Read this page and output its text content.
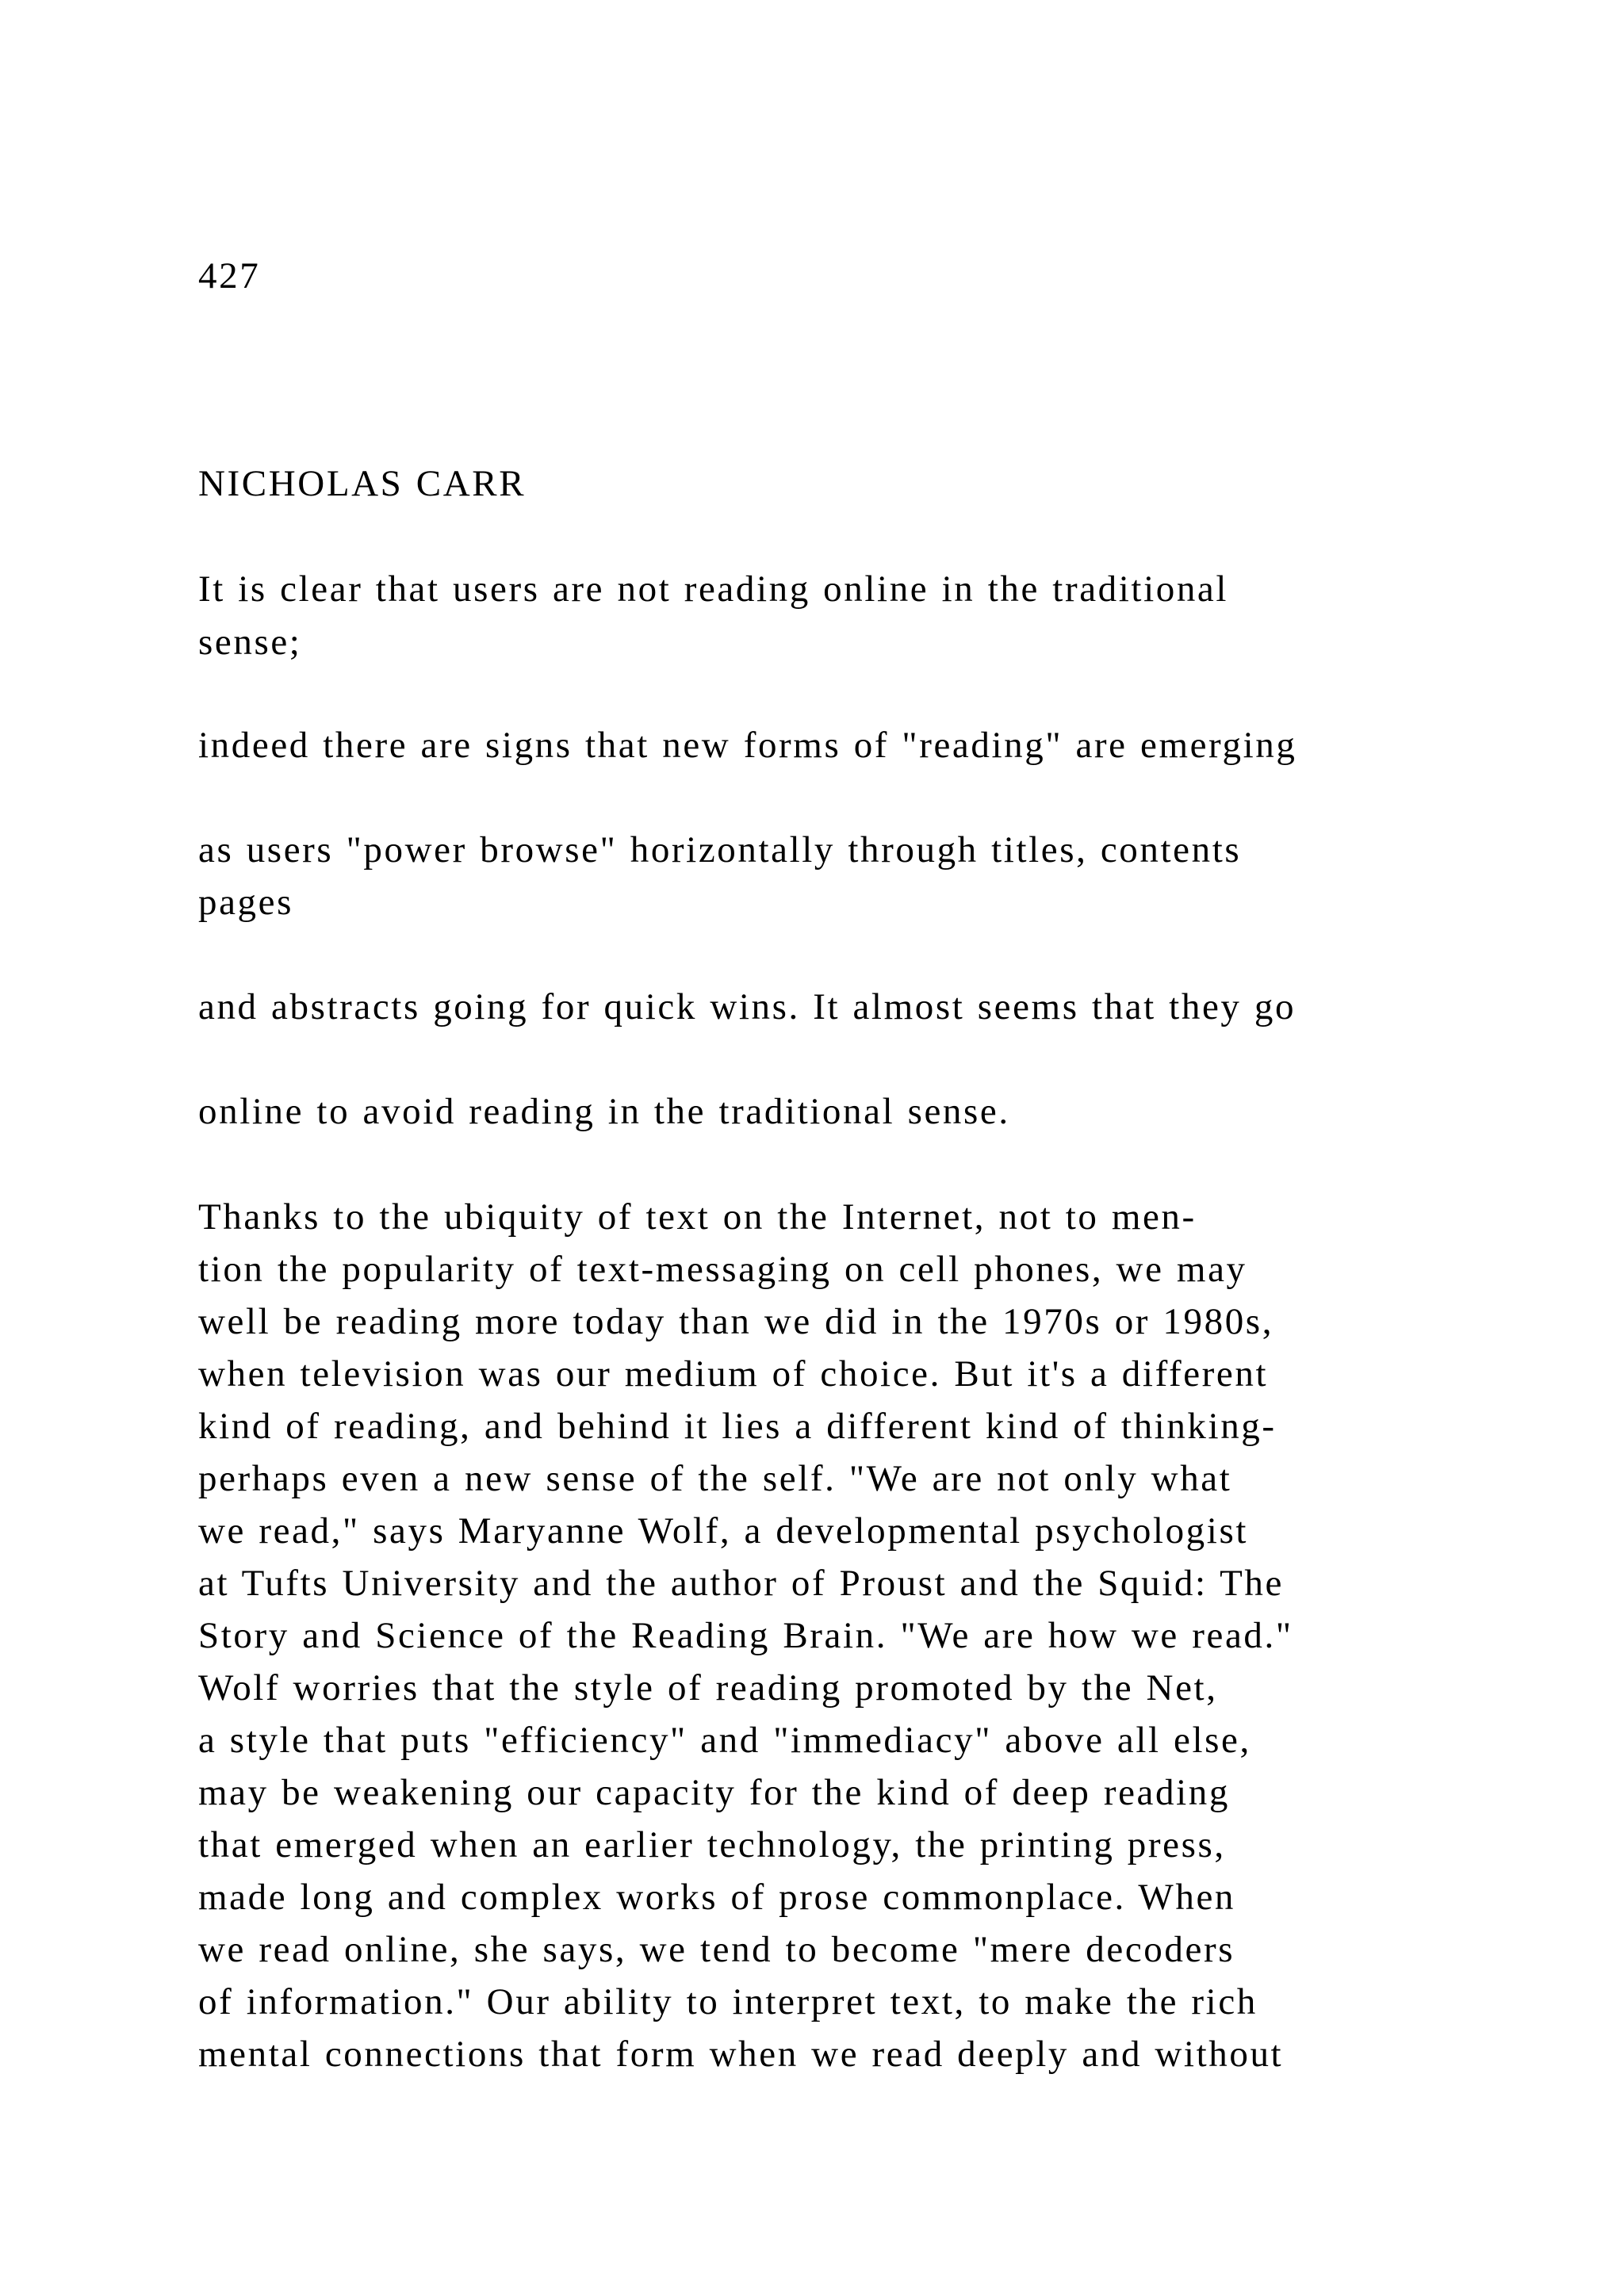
427

NICHOLAS CARR

It is clear that users are not reading online in the traditional

sense;

indeed there are signs that new forms of "reading" are emerging

as users "power browse" horizontally through titles, contents

pages

and abstracts going for quick wins. It almost seems that they go

online to avoid reading in the traditional sense.

Thanks to the ubiquity of text on the Internet, not to men-

tion the popularity of text-messaging on cell phones, we may

well be reading more today than we did in the 1970s or 1980s,

when television was our medium of choice. But it's a different

kind of reading, and behind it lies a different kind of thinking-

perhaps even a new sense of the self. "We are not only what

we read," says Maryanne Wolf, a developmental psychologist

at Tufts University and the author of Proust and the Squid: The

Story and Science of the Reading Brain. "We are how we read."

Wolf worries that the style of reading promoted by the Net,

a style that puts "efficiency" and "immediacy" above all else,

may be weakening our capacity for the kind of deep reading

that emerged when an earlier technology, the printing press,

made long and complex works of prose commonplace. When

we read online, she says, we tend to become "mere decoders

of information." Our ability to interpret text, to make the rich

mental connections that form when we read deeply and without
